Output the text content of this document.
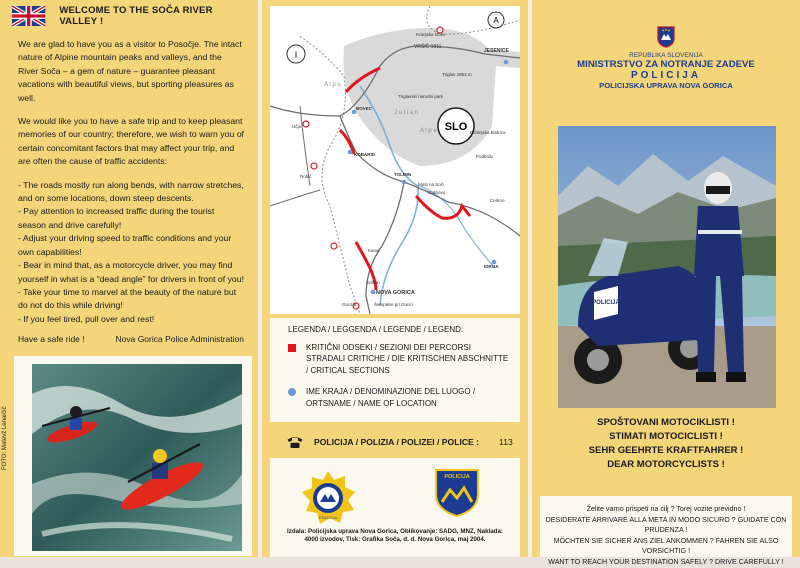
WELCOME TO THE SOČA RIVER VALLEY !

We are glad to have you as a visitor to Posočje. The intact nature of Alpine mountain peaks and valleys, and the River Soča – a gem of nature – guarantee pleasant vacations with beautiful views, but sporting pleasures as well.

We would like you to have a safe trip and to keep pleasant memories of our country; therefore, we wish to warn you of certain concomitant factors that may affect your trip, and are often the cause of traffic accidents:

- The roads mostly run along bends, with narrow stretches, and on some locations, down steep descents.
- Pay attention to increased traffic during the tourist season and drive carefully!
- Adjust your driving speed to traffic conditions and your own capabilities!
- Bear in mind that, as a motorcycle driver, you may find yourself in what is a “dead angle” for drivers in front of you!
- Take your time to marvel at the beauty of the nature but do not do this while driving!
- If you feel tired, pull over and rest!
Have a safe ride !	Nova Gorica Police Administration
FOTO: Matevž Lenarčič
I
A
SLO
VRŠIČ 1611
Triglav 2863 m
Kranjska Gora
JESENICE
Triglavski narodni park
A l p s
J u l i a n
A l p e
BOVEC
KOBARID
TOLMIN
Most na Soči
Grahovo
Bohinjska Bistrica
Podbrdo
Cerkno
IDRIJA
Kanal
NOVA GORICA
Solkan
Gorizia	Šempeter pri Gorici
Učja
Robič
LEGENDA / LEGGENDA / LEGENDE / LEGEND:
KRITIČNI ODSEKI / SEZIONI DEI PERCORSI STRADALI CRITICHE / DIE KRITISCHEN ABSCHNITTE / CRITICAL SECTIONS
IME KRAJA / DENOMINAZIONE DEL LUOGO / ORTSNAME / NAME OF LOCATION
POLICIJA / POLIZIA / POLIZEI / POLICE : 113
POLICIJA
POLICIJA
Izdala: Policijska uprava Nova Gorica, Oblikovanje: SADG, MNZ, Naklada: 4000 izvodov, Tisk: Grafika Soča, d. d. Nova Gorica, maj 2004.
REPUBLIKA SLOVENIJA
MINISTRSTVO ZA NOTRANJE ZADEVE
POLICIJA
POLICIJSKA UPRAVA NOVA GORICA
POLICIJA
SPOŠTOVANI MOTOCIKLISTI !
STIMATI MOTOCICLISTI !
SEHR GEEHRTE KRAFTFAHRER !
DEAR MOTORCYCLISTS !
Želite varno prispeti na cilj ? Torej vozite previdno !
DESIDERATE ARRIVARE ALLA META IN MODO SICURO ? GUIDATE CON PRUDENZA !
MÖCHTEN SIE SICHER ANS ZIEL ANKOMMEN ? FAHREN SIE ALSO VORSICHTIG !
WANT TO REACH YOUR DESTINATION SAFELY ? DRIVE CAREFULLY !
